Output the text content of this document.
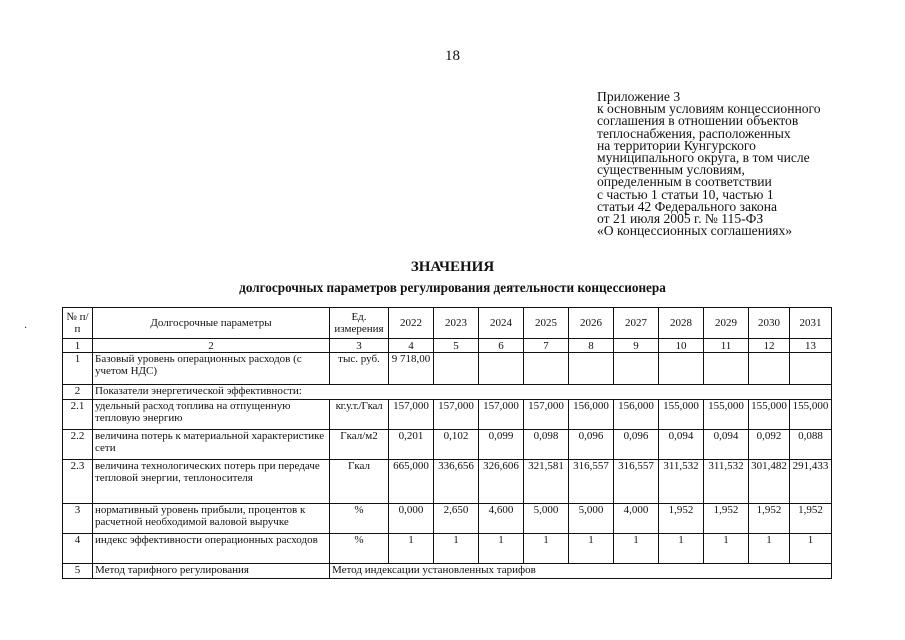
18
Приложение 3
к основным условиям концессионного
соглашения в отношении объектов
теплоснабжения, расположенных
на территории Кунгурского
муниципального округа, в том числе
существенным условиям,
определенным в соответствии
с частью 1 статьи 10, частью 1
статьи 42 Федерального закона
от 21 июля 2005 г. № 115-ФЗ
«О концессионных соглашениях»
ЗНАЧЕНИЯ
долгосрочных параметров регулирования деятельности концессионера
·
№ п/п	Долгосрочные параметры	Ед. измерения	2022	2023	2024	2025	2026	2027	2028	2029	2030	2031
1	2	3	4	5	6	7	8	9	10	11	12	13
1	Базовый уровень операционных расходов (с учетом НДС)	тыс. руб.	9 718,00									
2	Показатели энергетической эффективности:											
2.1	удельный расход топлива на отпущенную тепловую энергию	кг.у.т./Гкал	157,000	157,000	157,000	157,000	156,000	156,000	155,000	155,000	155,000	155,000
2.2	величина потерь к материальной характеристике сети	Гкал/м2	0,201	0,102	0,099	0,098	0,096	0,096	0,094	0,094	0,092	0,088
2.3	величина технологических потерь при передаче тепловой энергии, теплоносителя	Гкал	665,000	336,656	326,606	321,581	316,557	316,557	311,532	311,532	301,482	291,433
3	нормативный уровень прибыли, процентов к расчетной необходимой валовой выручке	%	0,000	2,650	4,600	5,000	5,000	4,000	1,952	1,952	1,952	1,952
4	индекс эффективности операционных расходов	%	1	1	1	1	1	1	1	1	1	1
5	Метод тарифного регулирования	Метод индексации установленных тарифов										
